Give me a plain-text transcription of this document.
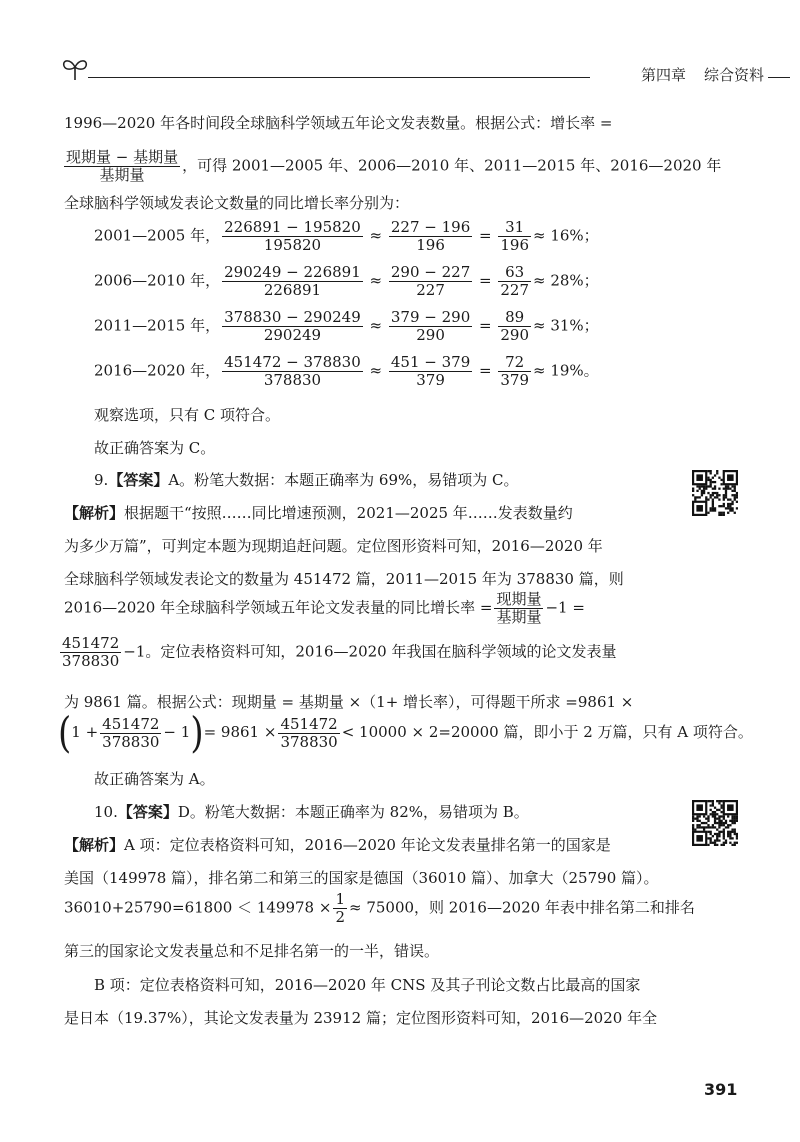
第四章 综合资料
1996—2020 年各时间段全球脑科学领域五年论文发表数量。根据公式：增长率 =
$\frac{\text{现期量 − 基期量}}{\text{基期量}}$ ，可得 2001—2005 年、2006—2010 年、2011—2015 年、2016—2020 年
全球脑科学领域发表论文数量的同比增长率分别为：
2001—2005 年， $\frac{226891 - 195820}{195820} \approx \frac{227 - 196}{196} = \frac{31}{196} \approx 16\%$；
2006—2010 年， $\frac{290249 - 226891}{226891} \approx \frac{290 - 227}{227} = \frac{63}{227} \approx 28\%$；
2011—2015 年， $\frac{378830 - 290249}{290249} \approx \frac{379 - 290}{290} = \frac{89}{290} \approx 31\%$；
2016—2020 年， $\frac{451472 - 378830}{378830} \approx \frac{451 - 379}{379} = \frac{72}{379} \approx 19\%$。
观察选项，只有 C 项符合。
故正确答案为 C。
9.【答案】A。粉笔大数据：本题正确率为 69%，易错项为 C。
【解析】根据题干“按照……同比增速预测，2021—2025 年……发表数量约
为多少万篇”，可判定本题为现期追赶问题。定位图形资料可知，2016—2020 年
全球脑科学领域发表论文的数量为 451472 篇，2011—2015 年为 378830 篇，则
2016—2020 年全球脑科学领域五年论文发表量的同比增长率 = $\frac{\text{现期量}}{\text{基期量}} -1$ =
$\frac{451472}{378830} -1$。定位表格资料可知，2016—2020 年我国在脑科学领域的论文发表量
为 9861 篇。根据公式：现期量 = 基期量 ×（1+ 增长率），可得题干所求 =9861 ×
$(1 + \frac{451472}{378830} - 1)= 9861 \times \frac{451472}{378830} < 10000 \times 2=20000$ 篇，即小于 2 万篇，只有 A 项符合。
故正确答案为 A。
10.【答案】D。粉笔大数据：本题正确率为 82%，易错项为 B。
【解析】A 项：定位表格资料可知，2016—2020 年论文发表量排名第一的国家是
美国（149978 篇），排名第二和第三的国家是德国（36010 篇）、加拿大（25790 篇）。
$36010+25790=61800 < 149978 \times \frac{1}{2} \approx 75000$，则 2016—2020 年表中排名第二和排名
第三的国家论文发表量总和不足排名第一的一半，错误。
B 项：定位表格资料可知，2016—2020 年 CNS 及其子刊论文数占比最高的国家
是日本（19.37%），其论文发表量为 23912 篇；定位图形资料可知，2016—2020 年全
391
